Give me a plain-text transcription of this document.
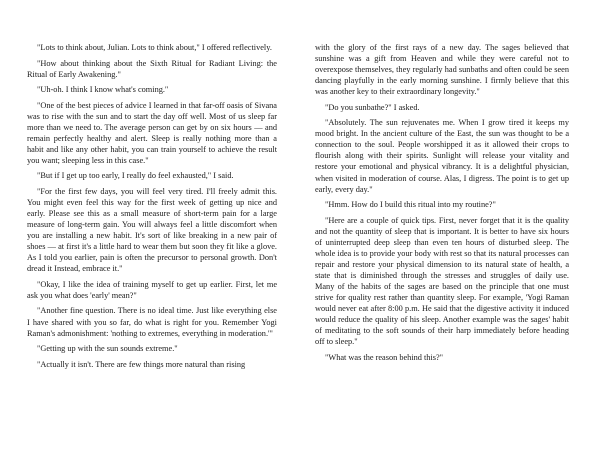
"Lots to think about, Julian. Lots to think about," I offered reflectively.

"How about thinking about the Sixth Ritual for Radiant Living: the Ritual of Early Awakening."

"Uh-oh. I think I know what's coming."

"One of the best pieces of advice I learned in that far-off oasis of Sivana was to rise with the sun and to start the day off well. Most of us sleep far more than we need to. The average person can get by on six hours — and remain perfectly healthy and alert. Sleep is really nothing more than a habit and like any other habit, you can train yourself to achieve the result you want; sleeping less in this case."

"But if I get up too early, I really do feel exhausted," I said.

"For the first few days, you will feel very tired. I'll freely admit this. You might even feel this way for the first week of getting up nice and early. Please see this as a small measure of short-term pain for a large measure of long-term gain. You will always feel a little discomfort when you are installing a new habit. It's sort of like breaking in a new pair of shoes — at first it's a little hard to wear them but soon they fit like a glove. As I told you earlier, pain is often the precursor to personal growth. Don't dread it Instead, embrace it."

"Okay, I like the idea of training myself to get up earlier. First, let me ask you what does 'early' mean?"

"Another fine question. There is no ideal time. Just like everything else I have shared with you so far, do what is right for you. Remember Yogi Raman's admonishment: 'nothing to extremes, everything in moderation.'"

"Getting up with the sun sounds extreme."

"Actually it isn't. There are few things more natural than rising

with the glory of the first rays of a new day. The sages believed that sunshine was a gift from Heaven and while they were careful not to overexpose themselves, they regularly had sunbaths and often could be seen dancing playfully in the early morning sunshine. I firmly believe that this was another key to their extraordinary longevity."

"Do you sunbathe?" I asked.

"Absolutely. The sun rejuvenates me. When I grow tired it keeps my mood bright. In the ancient culture of the East, the sun was thought to be a connection to the soul. People worshipped it as it allowed their crops to flourish along with their spirits. Sunlight will release your vitality and restore your emotional and physical vibrancy. It is a delightful physician, when visited in moderation of course. Alas, I digress. The point is to get up early, every day."

"Hmm. How do I build this ritual into my routine?"

"Here are a couple of quick tips. First, never forget that it is the quality and not the quantity of sleep that is important. It is better to have six hours of uninterrupted deep sleep than even ten hours of disturbed sleep. The whole idea is to provide your body with rest so that its natural processes can repair and restore your physical dimension to its natural state of health, a state that is diminished through the stresses and struggles of daily use. Many of the habits of the sages are based on the principle that one must strive for quality rest rather than quantity sleep. For example, 'Yogi Raman would never eat after 8:00 p.m. He said that the digestive activity it induced would reduce the quality of his sleep. Another example was the sages' habit of meditating to the soft sounds of their harp immediately before heading off to sleep."

"What was the reason behind this?"
